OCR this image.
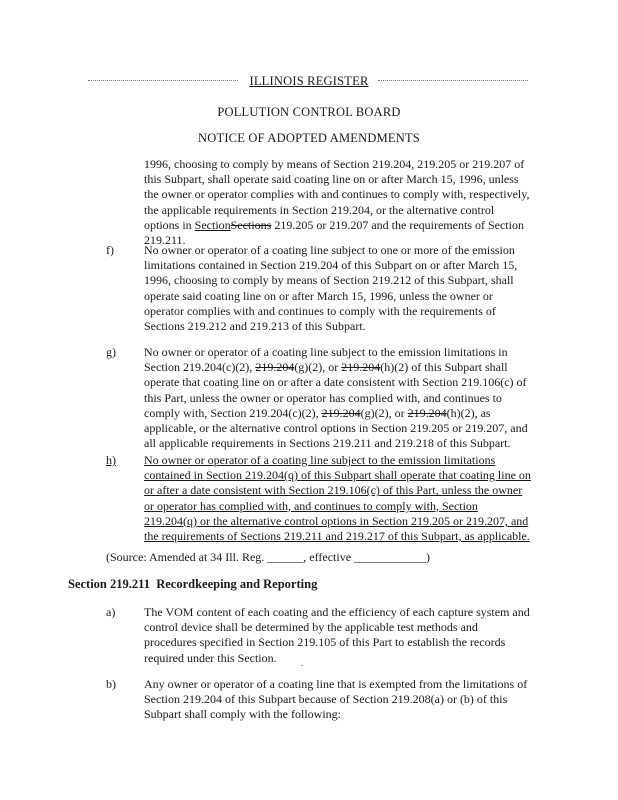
ILLINOIS REGISTER
POLLUTION CONTROL BOARD
NOTICE OF ADOPTED AMENDMENTS
1996, choosing to comply by means of Section 219.204, 219.205 or 219.207 of this Subpart, shall operate said coating line on or after March 15, 1996, unless the owner or operator complies with and continues to comply with, respectively, the applicable requirements in Section 219.204, or the alternative control options in SectionSections 219.205 or 219.207 and the requirements of Section 219.211.
f)	No owner or operator of a coating line subject to one or more of the emission limitations contained in Section 219.204 of this Subpart on or after March 15, 1996, choosing to comply by means of Section 219.212 of this Subpart, shall operate said coating line on or after March 15, 1996, unless the owner or operator complies with and continues to comply with the requirements of Sections 219.212 and 219.213 of this Subpart.
g) No owner or operator of a coating line subject to the emission limitations in Section 219.204(c)(2), 219.204(g)(2), or 219.204(h)(2) of this Subpart shall operate that coating line on or after a date consistent with Section 219.106(c) of this Part, unless the owner or operator has complied with, and continues to comply with, Section 219.204(c)(2), 219.204(g)(2), or 219.204(h)(2), as applicable, or the alternative control options in Section 219.205 or 219.207, and all applicable requirements in Sections 219.211 and 219.218 of this Subpart.
h) No owner or operator of a coating line subject to the emission limitations contained in Section 219.204(q) of this Subpart shall operate that coating line on or after a date consistent with Section 219.106(c) of this Part, unless the owner or operator has complied with, and continues to comply with, Section 219.204(q) or the alternative control options in Section 219.205 or 219.207, and the requirements of Sections 219.211 and 219.217 of this Subpart, as applicable.
(Source: Amended at 34 Ill. Reg. ______, effective ____________)
Section 219.211 Recordkeeping and Reporting
a) The VOM content of each coating and the efficiency of each capture system and control device shall be determined by the applicable test methods and procedures specified in Section 219.105 of this Part to establish the records required under this Section.
b) Any owner or operator of a coating line that is exempted from the limitations of Section 219.204 of this Subpart because of Section 219.208(a) or (b) of this Subpart shall comply with the following:
